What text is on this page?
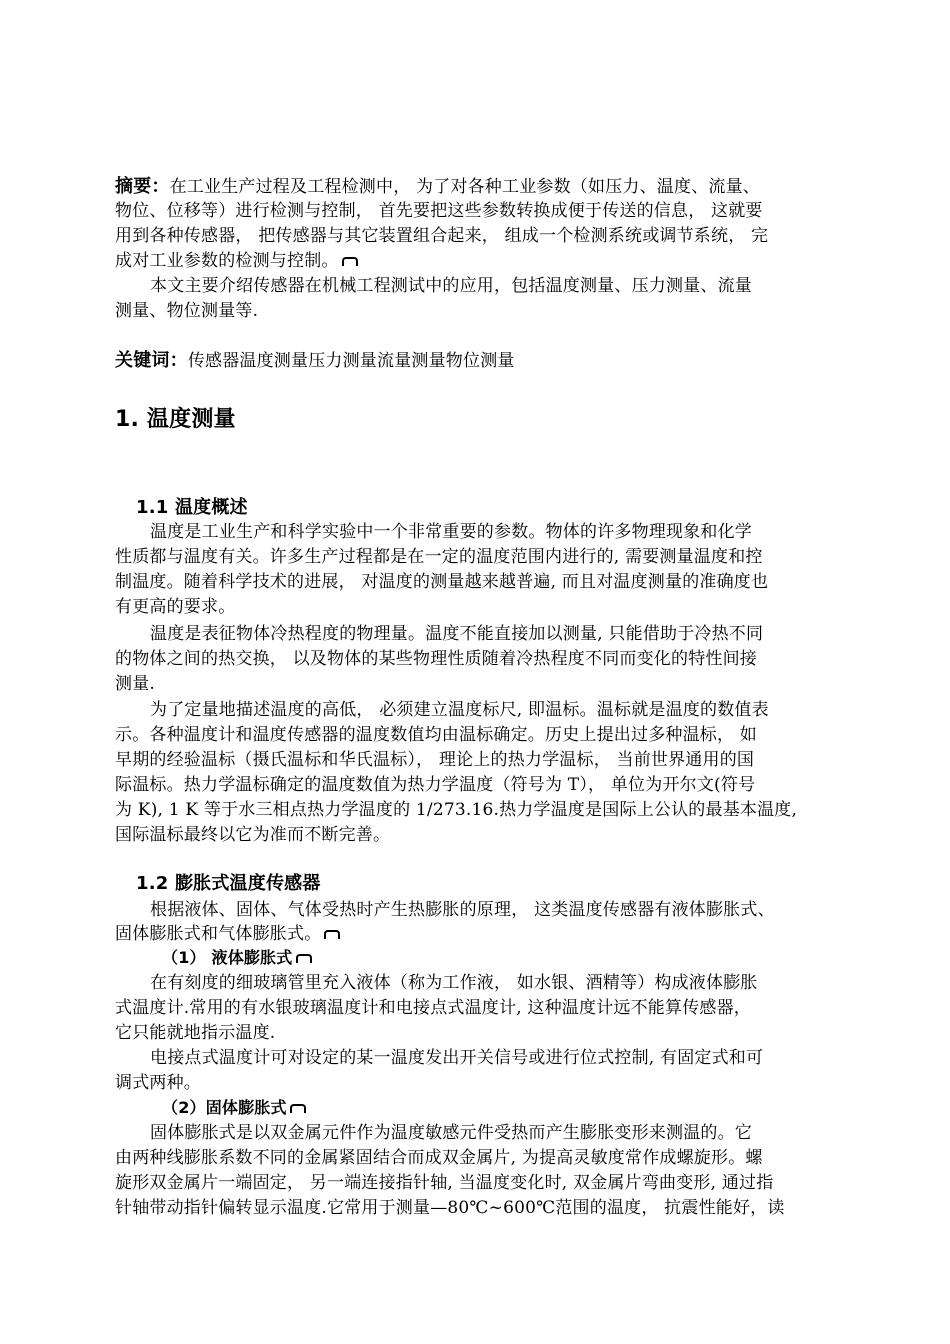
摘要：在工业生产过程及工程检测中， 为了对各种工业参数（如压力、温度、流量、
物位、位移等）进行检测与控制， 首先要把这些参数转换成便于传送的信息， 这就要
用到各种传感器， 把传感器与其它装置组合起来， 组成一个检测系统或调节系统， 完
成对工业参数的检测与控制。
本文主要介绍传感器在机械工程测试中的应用，包括温度测量、压力测量、流量
测量、物位测量等.
关键词：传感器温度测量压力测量流量测量物位测量
1. 温度测量
1.1 温度概述
温度是工业生产和科学实验中一个非常重要的参数。物体的许多物理现象和化学
性质都与温度有关。许多生产过程都是在一定的温度范围内进行的, 需要测量温度和控
制温度。随着科学技术的进展， 对温度的测量越来越普遍, 而且对温度测量的准确度也
有更高的要求。
温度是表征物体冷热程度的物理量。温度不能直接加以测量, 只能借助于冷热不同
的物体之间的热交换， 以及物体的某些物理性质随着冷热程度不同而变化的特性间接
测量.
为了定量地描述温度的高低， 必须建立温度标尺, 即温标。温标就是温度的数值表
示。各种温度计和温度传感器的温度数值均由温标确定。历史上提出过多种温标， 如
早期的经验温标（摄氏温标和华氏温标）， 理论上的热力学温标， 当前世界通用的国
际温标。热力学温标确定的温度数值为热力学温度（符号为 T）， 单位为开尔文(符号
为 K), 1 K 等于水三相点热力学温度的 1/273.16.热力学温度是国际上公认的最基本温度,
国际温标最终以它为准而不断完善。
1.2 膨胀式温度传感器
根据液体、固体、气体受热时产生热膨胀的原理， 这类温度传感器有液体膨胀式、
固体膨胀式和气体膨胀式。
（1） 液体膨胀式
在有刻度的细玻璃管里充入液体（称为工作液， 如水银、酒精等）构成液体膨胀
式温度计.常用的有水银玻璃温度计和电接点式温度计, 这种温度计远不能算传感器，
它只能就地指示温度.
电接点式温度计可对设定的某一温度发出开关信号或进行位式控制, 有固定式和可
调式两种。
（2）固体膨胀式
固体膨胀式是以双金属元件作为温度敏感元件受热而产生膨胀变形来测温的。它
由两种线膨胀系数不同的金属紧固结合而成双金属片, 为提高灵敏度常作成螺旋形。螺
旋形双金属片一端固定， 另一端连接指针轴, 当温度变化时, 双金属片弯曲变形, 通过指
针轴带动指针偏转显示温度.它常用于测量—80℃~600℃范围的温度， 抗震性能好，读
